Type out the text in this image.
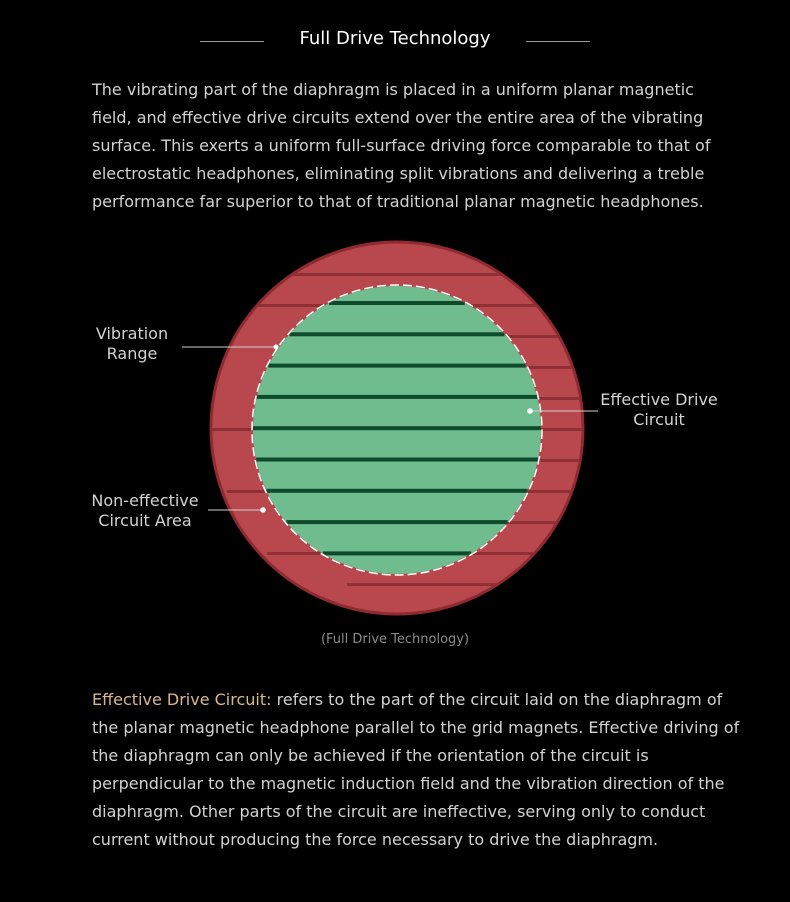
Full Drive Technology

The vibrating part of the diaphragm is placed in a uniform planar magnetic field, and effective drive circuits extend over the entire area of the vibrating surface. This exerts a uniform full-surface driving force comparable to that of electrostatic headphones, eliminating split vibrations and delivering a treble performance far superior to that of traditional planar magnetic headphones.

Vibration
Range
Effective Drive
Circuit
Non-effective
Circuit Area
(Full Drive Technology)

Effective Drive Circuit: refers to the part of the circuit laid on the diaphragm of the planar magnetic headphone parallel to the grid magnets. Effective driving of the diaphragm can only be achieved if the orientation of the circuit is perpendicular to the magnetic induction field and the vibration direction of the diaphragm. Other parts of the circuit are ineffective, serving only to conduct current without producing the force necessary to drive the diaphragm.
